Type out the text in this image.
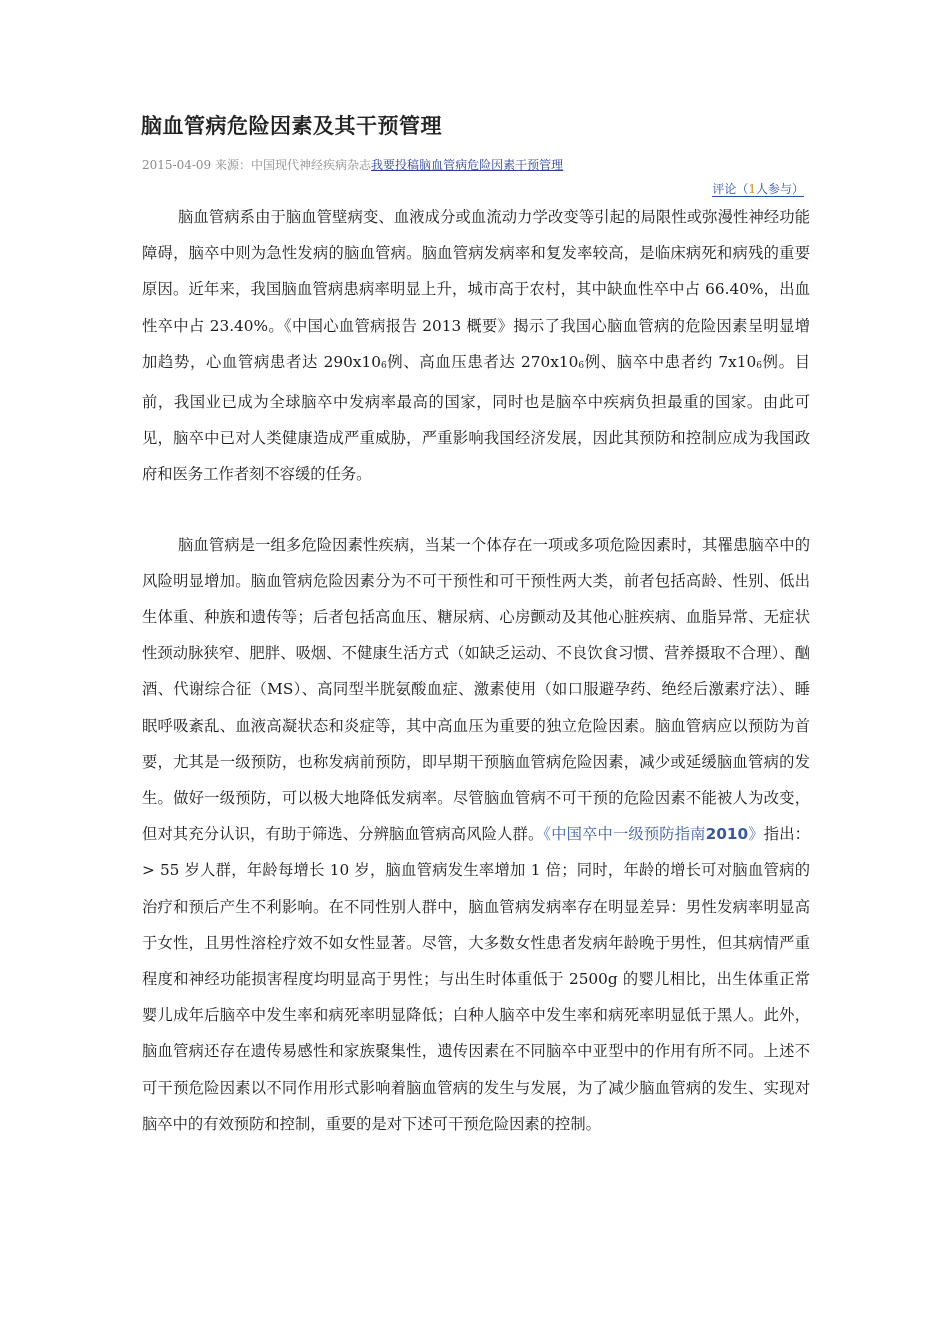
脑血管病危险因素及其干预管理
2015-04-09 来源：中国现代神经疾病杂志我要投稿脑血管病危险因素干预管理
评论（1人参与）

脑血管病系由于脑血管壁病变、血液成分或血流动力学改变等引起的局限性或弥漫性神经功能障碍，脑卒中则为急性发病的脑血管病。脑血管病发病率和复发率较高，是临床病死和病残的重要原因。近年来，我国脑血管病患病率明显上升，城市高于农村，其中缺血性卒中占 66.40%，出血性卒中占 23.40%。《中国心血管病报告 2013 概要》揭示了我国心脑血管病的危险因素呈明显增加趋势，心血管病患者达 $290x10_6$例、高血压患者达 $270x10_6$例、脑卒中患者约 $7x10_6$例。目前，我国业已成为全球脑卒中发病率最高的国家，同时也是脑卒中疾病负担最重的国家。由此可见，脑卒中已对人类健康造成严重威胁，严重影响我国经济发展，因此其预防和控制应成为我国政府和医务工作者刻不容缓的任务。

脑血管病是一组多危险因素性疾病，当某一个体存在一项或多项危险因素时，其罹患脑卒中的风险明显增加。脑血管病危险因素分为不可干预性和可干预性两大类，前者包括高龄、性别、低出生体重、种族和遗传等；后者包括高血压、糖尿病、心房颤动及其他心脏疾病、血脂异常、无症状性颈动脉狭窄、肥胖、吸烟、不健康生活方式（如缺乏运动、不良饮食习惯、营养摄取不合理）、酗酒、代谢综合征（MS）、高同型半胱氨酸血症、激素使用（如口服避孕药、绝经后激素疗法）、睡眠呼吸紊乱、血液高凝状态和炎症等，其中高血压为重要的独立危险因素。脑血管病应以预防为首要，尤其是一级预防，也称发病前预防，即早期干预脑血管病危险因素，减少或延缓脑血管病的发生。做好一级预防，可以极大地降低发病率。尽管脑血管病不可干预的危险因素不能被人为改变，但对其充分认识，有助于筛选、分辨脑血管病高风险人群。《中国卒中一级预防指南2010》指出： > 55 岁人群，年龄每增长 10 岁，脑血管病发生率增加 1 倍；同时，年龄的增长可对脑血管病的治疗和预后产生不利影响。在不同性别人群中，脑血管病发病率存在明显差异：男性发病率明显高于女性，且男性溶栓疗效不如女性显著。尽管，大多数女性患者发病年龄晚于男性，但其病情严重程度和神经功能损害程度均明显高于男性；与出生时体重低于 2500g 的婴儿相比，出生体重正常婴儿成年后脑卒中发生率和病死率明显降低；白种人脑卒中发生率和病死率明显低于黑人。此外，脑血管病还存在遗传易感性和家族聚集性，遗传因素在不同脑卒中亚型中的作用有所不同。上述不可干预危险因素以不同作用形式影响着脑血管病的发生与发展，为了减少脑血管病的发生、实现对脑卒中的有效预防和控制，重要的是对下述可干预危险因素的控制。
